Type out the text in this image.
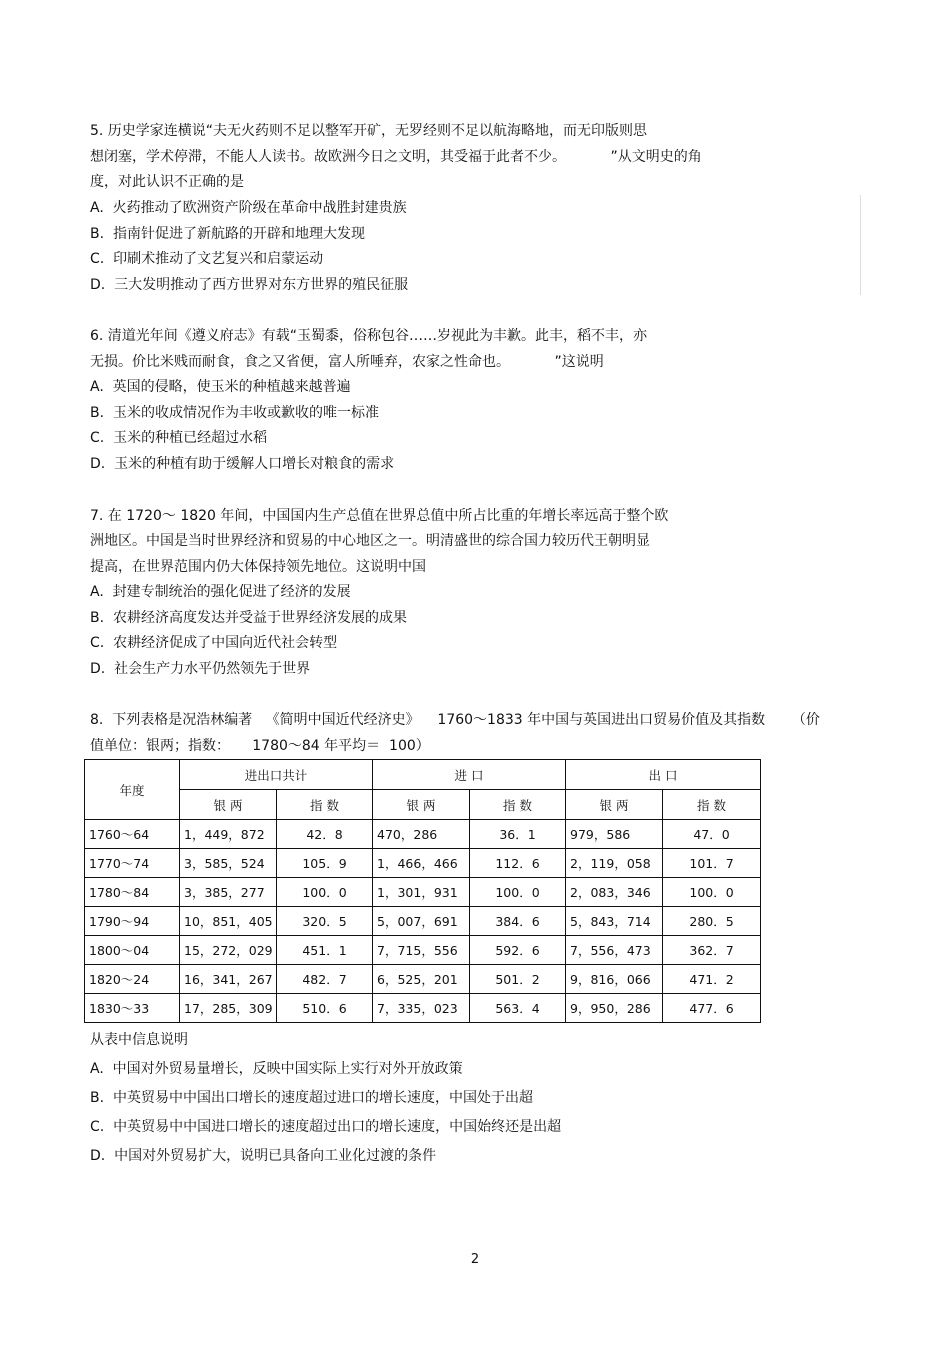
5. 历史学家连横说“夫无火药则不足以整军开矿，无罗经则不足以航海略地，而无印版则思
想闭塞，学术停滞，不能人人读书。故欧洲今日之文明，其受福于此者不少。          ”从文明史的角
度，对此认识不正确的是
A.  火药推动了欧洲资产阶级在革命中战胜封建贵族
B.  指南针促进了新航路的开辟和地理大发现
C.  印刷术推动了文艺复兴和启蒙运动
D.  三大发明推动了西方世界对东方世界的殖民征服
6. 清道光年间《遵义府志》有载“玉蜀黍，俗称包谷……岁视此为丰歉。此丰，稻不丰，亦
无损。价比米贱而耐食，食之又省便，富人所唾弃，农家之性命也。          ”这说明
A.  英国的侵略，使玉米的种植越来越普遍
B.  玉米的收成情况作为丰收或歉收的唯一标准
C.  玉米的种植已经超过水稻
D.  玉米的种植有助于缓解人口增长对粮食的需求
7. 在 1720～ 1820 年间，中国国内生产总值在世界总值中所占比重的年增长率远高于整个欧
洲地区。中国是当时世界经济和贸易的中心地区之一。明清盛世的综合国力较历代王朝明显
提高，在世界范围内仍大体保持领先地位。这说明中国
A.  封建专制统治的强化促进了经济的发展
B.  农耕经济高度发达并受益于世界经济发展的成果
C.  农耕经济促成了中国向近代社会转型
D.  社会生产力水平仍然领先于世界
8.  下列表格是况浩林编著   《简明中国近代经济史》    1760～1833 年中国与英国进出口贸易价值及其指数      （价
值单位：银两；指数：     1780～84 年平均＝  100）
年度	进出口共计		进 口		出 口	
	银 两	指 数	银 两	指 数	银 两	指 数
1760～64	1，449，872	42．8	470，286	36．1	979，586	47．0
1770～74	3，585，524	105．9	1，466，466	112．6	2，119，058	101．7
1780～84	3，385，277	100．0	1，301，931	100．0	2，083，346	100．0
1790～94	10，851，405	320．5	5，007，691	384．6	5，843，714	280．5
1800～04	15，272，029	451．1	7，715，556	592．6	7，556，473	362．7
1820～24	16，341，267	482．7	6，525，201	501．2	9，816，066	471．2
1830～33	17，285，309	510．6	7，335，023	563．4	9，950，286	477．6
从表中信息说明
A.  中国对外贸易量增长，反映中国实际上实行对外开放政策
B.  中英贸易中中国出口增长的速度超过进口的增长速度，中国处于出超
C.  中英贸易中中国进口增长的速度超过出口的增长速度，中国始终还是出超
D.  中国对外贸易扩大，说明已具备向工业化过渡的条件
2
